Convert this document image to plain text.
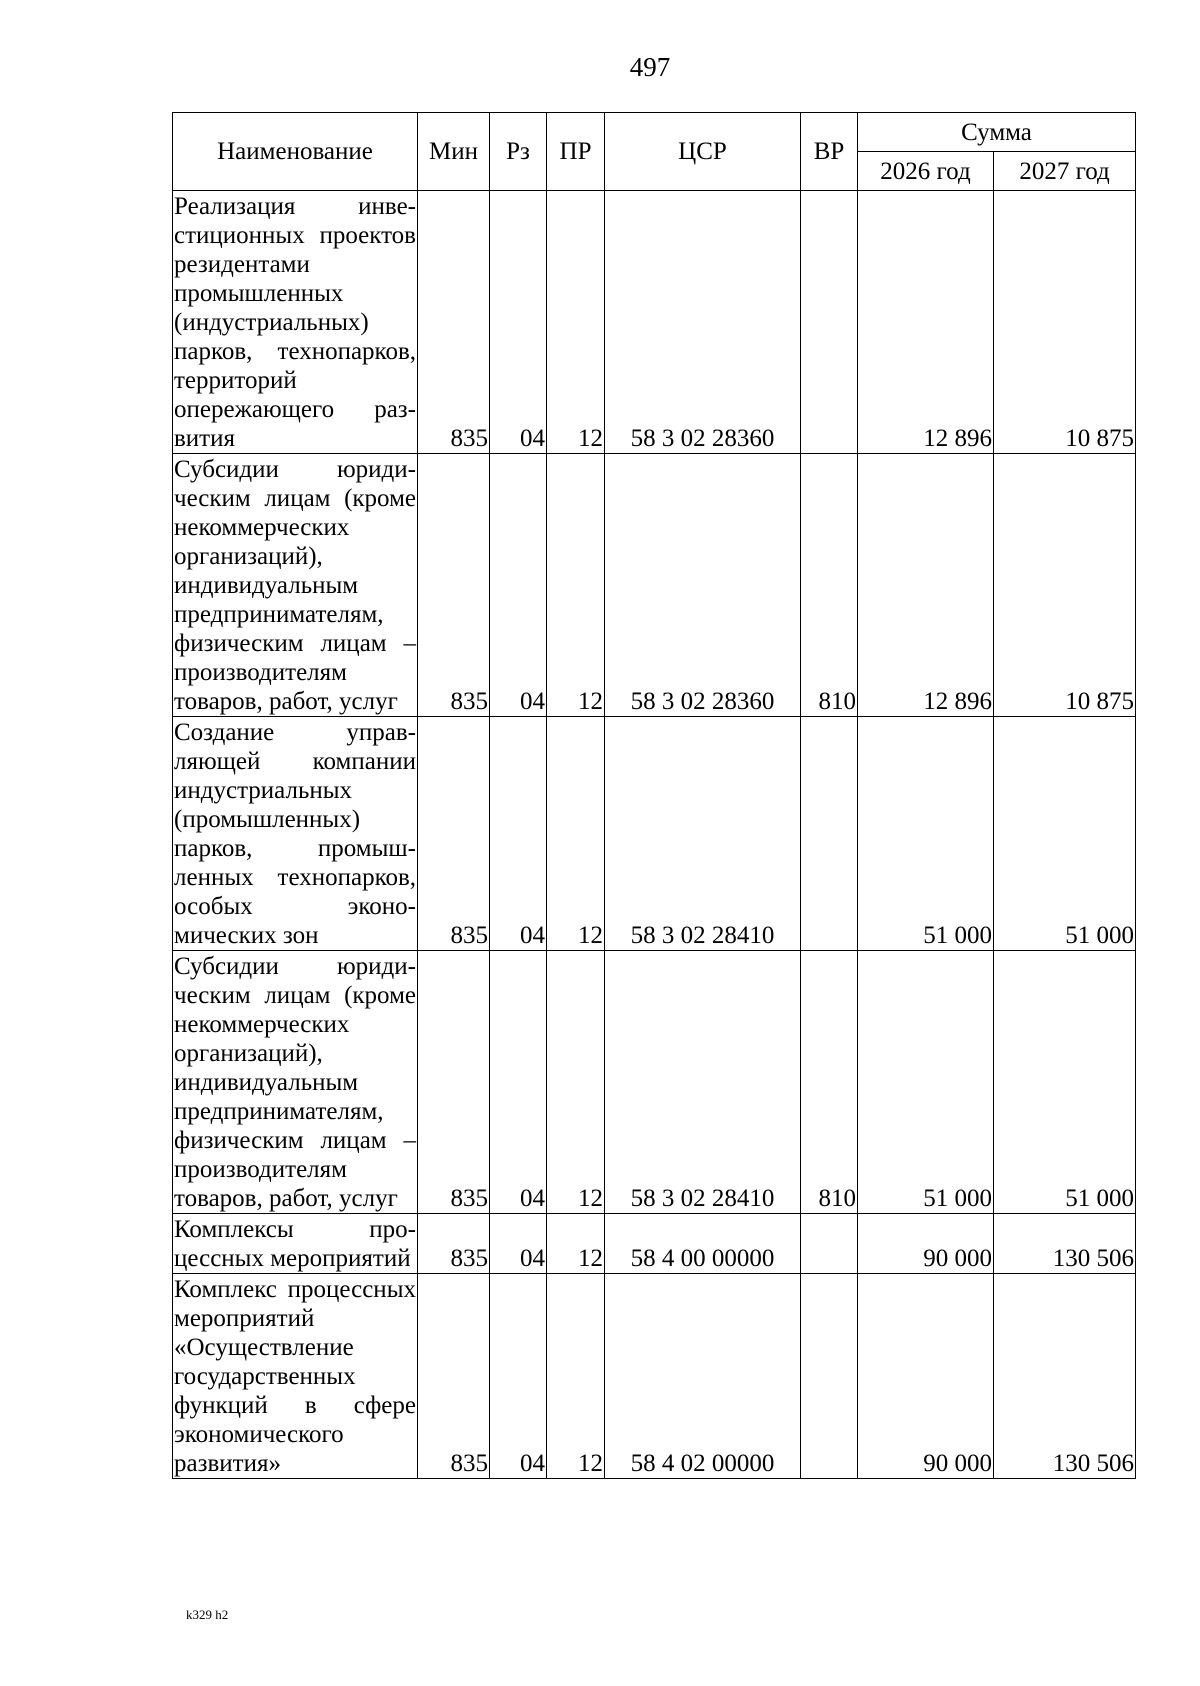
497
Наименование	Мин	Рз	ПР	ЦСР	ВР	Сумма	
						2026 год	2027 год
Реализация инвестиционных проектов резидентами промышленных (индустриальных) парков, технопарков, территорий опережающего развития	835	04	12	58 3 02 28360		12 896	10 875
Субсидии юридическим лицам (кроме некоммерческих организаций), индивидуальным предпринимателям, физическим лицам – производителям товаров, работ, услуг	835	04	12	58 3 02 28360	810	12 896	10 875
Создание управляющей компании индустриальных (промышленных) парков, промышленных технопарков, особых экономических зон	835	04	12	58 3 02 28410		51 000	51 000
Субсидии юридическим лицам (кроме некоммерческих организаций), индивидуальным предпринимателям, физическим лицам – производителям товаров, работ, услуг	835	04	12	58 3 02 28410	810	51 000	51 000
Комплексы процессных мероприятий	835	04	12	58 4 00 00000		90 000	130 506
Комплекс процессных мероприятий «Осуществление государственных функций в сфере экономического развития»	835	04	12	58 4 02 00000		90 000	130 506
k329 h2
